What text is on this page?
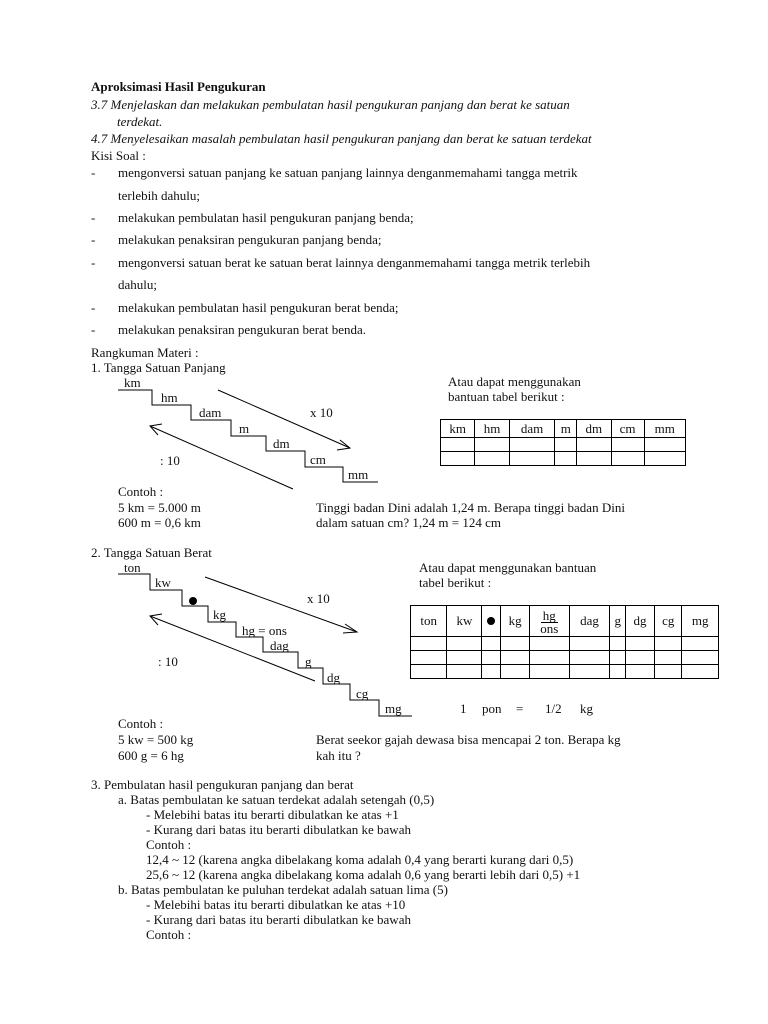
Aproksimasi Hasil Pengukuran
3.7 Menjelaskan dan melakukan pembulatan hasil pengukuran panjang dan berat ke satuan
terdekat.
4.7 Menyelesaikan masalah pembulatan hasil pengukuran panjang dan berat ke satuan terdekat
Kisi Soal :
- mengonversi satuan panjang ke satuan panjang lainnya denganmemahami tangga metrik
terlebih dahulu;
- melakukan pembulatan hasil pengukuran panjang benda;
- melakukan penaksiran pengukuran panjang benda;
- mengonversi satuan berat ke satuan berat lainnya denganmemahami tangga metrik terlebih
dahulu;
- melakukan pembulatan hasil pengukuran berat benda;
- melakukan penaksiran pengukuran berat benda.
Rangkuman Materi :
1. Tangga Satuan Panjang
km
hm
dam
m
dm
cm
mm
x 10
: 10
Atau dapat menggunakan
bantuan tabel berikut :
km	hm	dam	m	dm	cm	mm

Contoh :
5 km = 5.000 m
600 m = 0,6 km
Tinggi badan Dini adalah 1,24 m. Berapa tinggi badan Dini
dalam satuan cm? 1,24 m = 124 cm
2. Tangga Satuan Berat
ton
kw
kg
hg = ons
dag
g
dg
cg
mg
x 10
: 10
Atau dapat menggunakan bantuan
tabel berikut :
ton	kw		kg	$\frac{hg}{\text{ons}}$	dag	g	dg	cg	mg

1 pon = 1/2 kg
Contoh :
5 kw = 500 kg
600 g = 6 hg
Berat seekor gajah dewasa bisa mencapai 2 ton. Berapa kg
kah itu ?
3. Pembulatan hasil pengukuran panjang dan berat
a. Batas pembulatan ke satuan terdekat adalah setengah (0,5)
- Melebihi batas itu berarti dibulatkan ke atas +1
- Kurang dari batas itu berarti dibulatkan ke bawah
Contoh :
12,4 ~ 12 (karena angka dibelakang koma adalah 0,4 yang berarti kurang dari 0,5)
25,6 ~ 12 (karena angka dibelakang koma adalah 0,6 yang berarti lebih dari 0,5) +1
b. Batas pembulatan ke puluhan terdekat adalah satuan lima (5)
- Melebihi batas itu berarti dibulatkan ke atas +10
- Kurang dari batas itu berarti dibulatkan ke bawah
Contoh :
